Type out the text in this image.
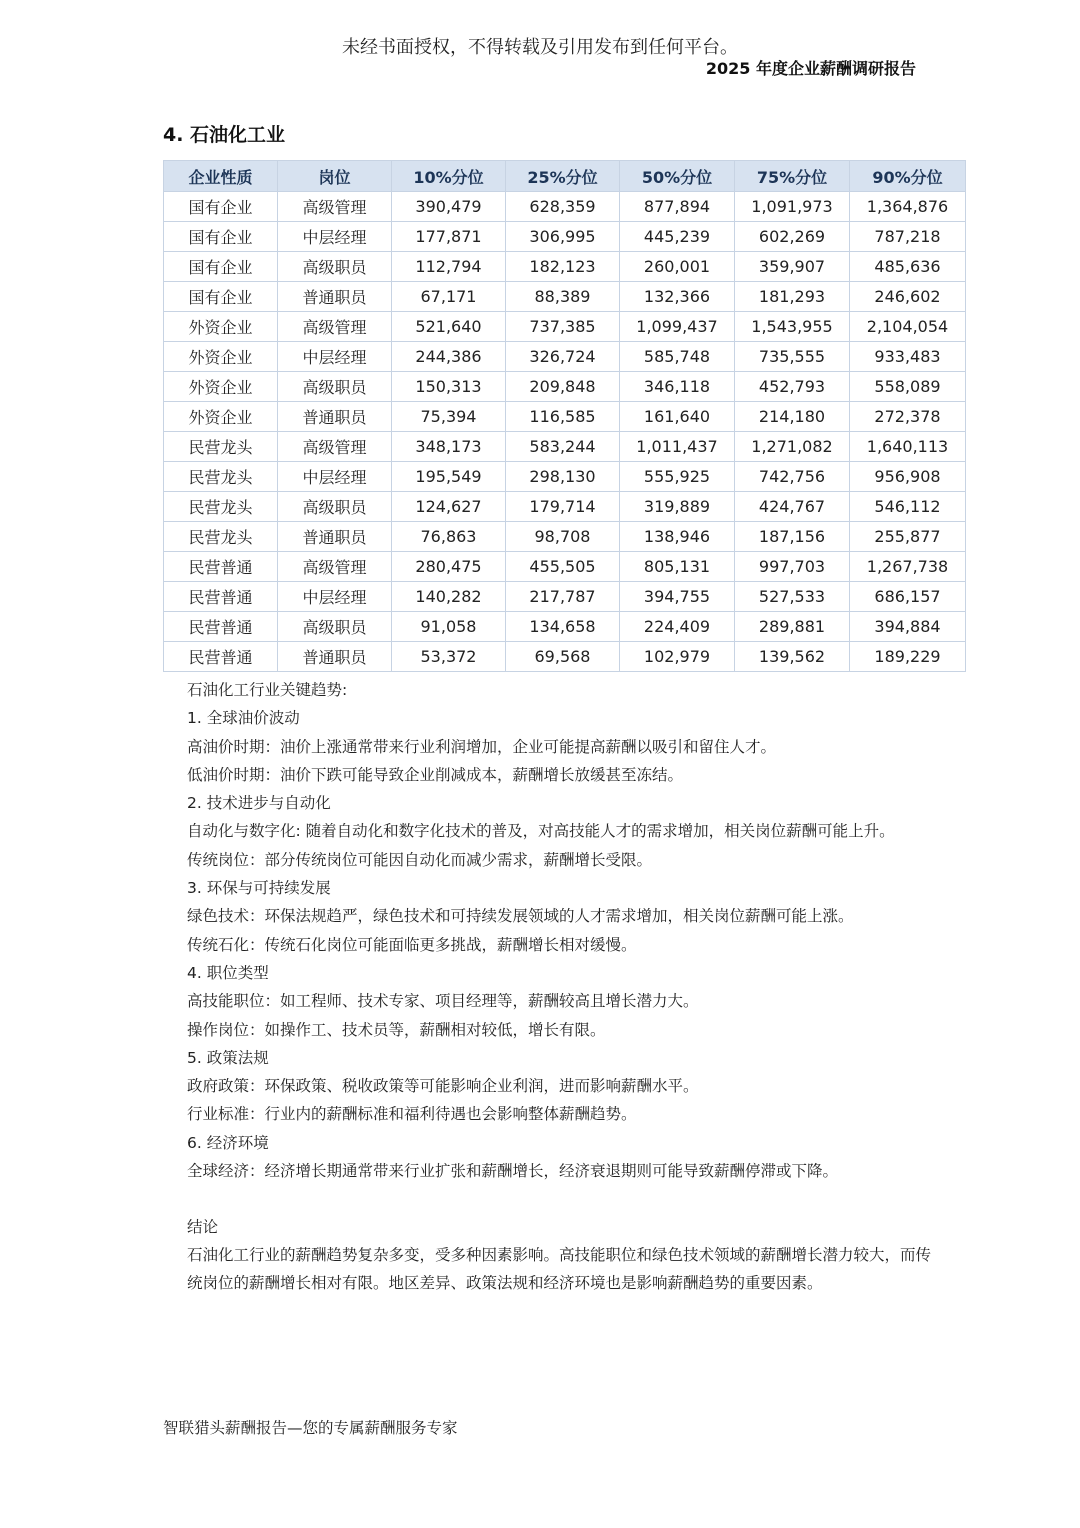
未经书面授权，不得转载及引用发布到任何平台。
2025 年度企业薪酬调研报告
4. 石油化工业
企业性质	岗位	10%分位	25%分位	50%分位	75%分位	90%分位
国有企业	高级管理	390,479	628,359	877,894	1,091,973	1,364,876
国有企业	中层经理	177,871	306,995	445,239	602,269	787,218
国有企业	高级职员	112,794	182,123	260,001	359,907	485,636
国有企业	普通职员	67,171	88,389	132,366	181,293	246,602
外资企业	高级管理	521,640	737,385	1,099,437	1,543,955	2,104,054
外资企业	中层经理	244,386	326,724	585,748	735,555	933,483
外资企业	高级职员	150,313	209,848	346,118	452,793	558,089
外资企业	普通职员	75,394	116,585	161,640	214,180	272,378
民营龙头	高级管理	348,173	583,244	1,011,437	1,271,082	1,640,113
民营龙头	中层经理	195,549	298,130	555,925	742,756	956,908
民营龙头	高级职员	124,627	179,714	319,889	424,767	546,112
民营龙头	普通职员	76,863	98,708	138,946	187,156	255,877
民营普通	高级管理	280,475	455,505	805,131	997,703	1,267,738
民营普通	中层经理	140,282	217,787	394,755	527,533	686,157
民营普通	高级职员	91,058	134,658	224,409	289,881	394,884
民营普通	普通职员	53,372	69,568	102,979	139,562	189,229
石油化工行业关键趋势:
1. 全球油价波动
高油价时期：油价上涨通常带来行业利润增加，企业可能提高薪酬以吸引和留住人才。
低油价时期：油价下跌可能导致企业削减成本，薪酬增长放缓甚至冻结。
2. 技术进步与自动化
自动化与数字化: 随着自动化和数字化技术的普及，对高技能人才的需求增加，相关岗位薪酬可能上升。
传统岗位：部分传统岗位可能因自动化而减少需求，薪酬增长受限。
3. 环保与可持续发展
绿色技术：环保法规趋严，绿色技术和可持续发展领域的人才需求增加，相关岗位薪酬可能上涨。
传统石化：传统石化岗位可能面临更多挑战，薪酬增长相对缓慢。
4. 职位类型
高技能职位：如工程师、技术专家、项目经理等，薪酬较高且增长潜力大。
操作岗位：如操作工、技术员等，薪酬相对较低，增长有限。
5. 政策法规
政府政策：环保政策、税收政策等可能影响企业利润，进而影响薪酬水平。
行业标准：行业内的薪酬标准和福利待遇也会影响整体薪酬趋势。
6. 经济环境
全球经济：经济增长期通常带来行业扩张和薪酬增长，经济衰退期则可能导致薪酬停滞或下降。
结论
石油化工行业的薪酬趋势复杂多变，受多种因素影响。高技能职位和绿色技术领域的薪酬增长潜力较大，而传统岗位的薪酬增长相对有限。地区差异、政策法规和经济环境也是影响薪酬趋势的重要因素。
智联猎头薪酬报告—您的专属薪酬服务专家
